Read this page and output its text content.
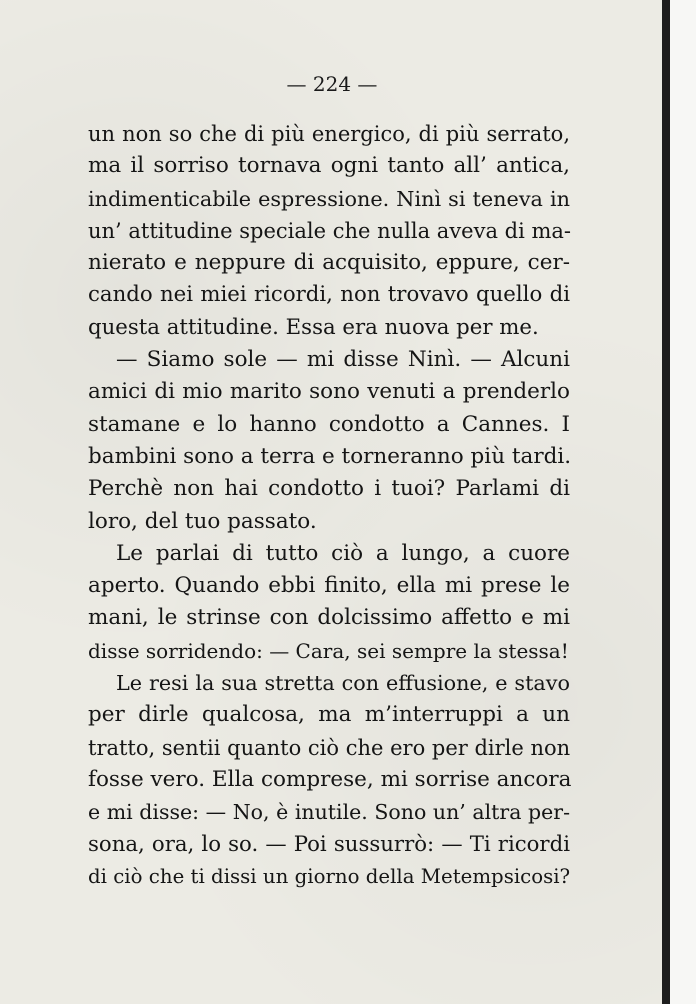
— 224 —
un non so che di più energico, di più serrato,
ma il sorriso tornava ogni tanto all’ antica,
indimenticabile espressione. Ninì si teneva in
un’ attitudine speciale che nulla aveva di ma-
nierato e neppure di acquisito, eppure, cer-
cando nei miei ricordi, non trovavo quello di
questa attitudine. Essa era nuova per me.
— Siamo sole — mi disse Ninì. — Alcuni
amici di mio marito sono venuti a prenderlo
stamane e lo hanno condotto a Cannes. I
bambini sono a terra e torneranno più tardi.
Perchè non hai condotto i tuoi? Parlami di
loro, del tuo passato.
Le parlai di tutto ciò a lungo, a cuore
aperto. Quando ebbi finito, ella mi prese le
mani, le strinse con dolcissimo affetto e mi
disse sorridendo: — Cara, sei sempre la stessa!
Le resi la sua stretta con effusione, e stavo
per dirle qualcosa, ma m’interruppi a un
tratto, sentii quanto ciò che ero per dirle non
fosse vero. Ella comprese, mi sorrise ancora
e mi disse: — No, è inutile. Sono un’ altra per-
sona, ora, lo so. — Poi sussurrò: — Ti ricordi
di ciò che ti dissi un giorno della Metempsicosi?
